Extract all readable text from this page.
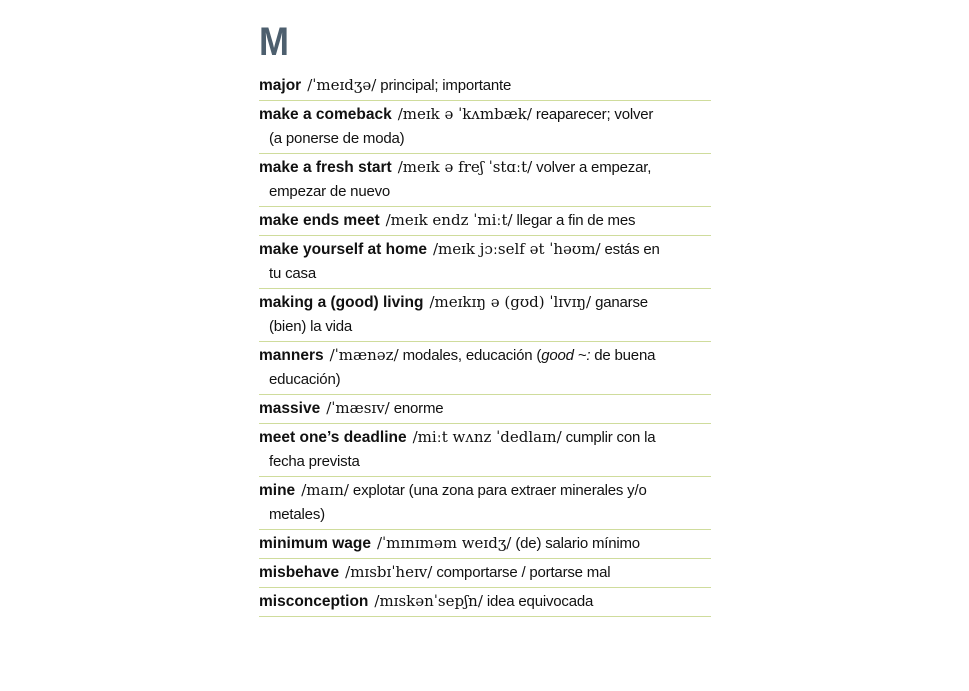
M
major /ˈmeɪdʒə/ principal; importante
make a comeback /meɪk ə ˈkʌmbæk/ reaparecer; volver
(a ponerse de moda)
make a fresh start /meɪk ə freʃ ˈstɑːt/ volver a empezar,
empezar de nuevo
make ends meet /meɪk endz ˈmiːt/ llegar a fin de mes
make yourself at home /meɪk jɔːself ət ˈhəʊm/ estás en
tu casa
making a (good) living /meɪkɪŋ ə (gʊd) ˈlɪvɪŋ/ ganarse
(bien) la vida
manners /ˈmænəz/ modales, educación (good ~: de buena
educación)
massive /ˈmæsɪv/ enorme
meet one’s deadline /miːt wʌnz ˈdedlaɪn/ cumplir con la
fecha prevista
mine /maɪn/ explotar (una zona para extraer minerales y/o
metales)
minimum wage /ˈmɪnɪməm weɪdʒ/ (de) salario mínimo
misbehave /mɪsbɪˈheɪv/ comportarse / portarse mal
misconception /mɪskənˈsepʃn/ idea equivocada
